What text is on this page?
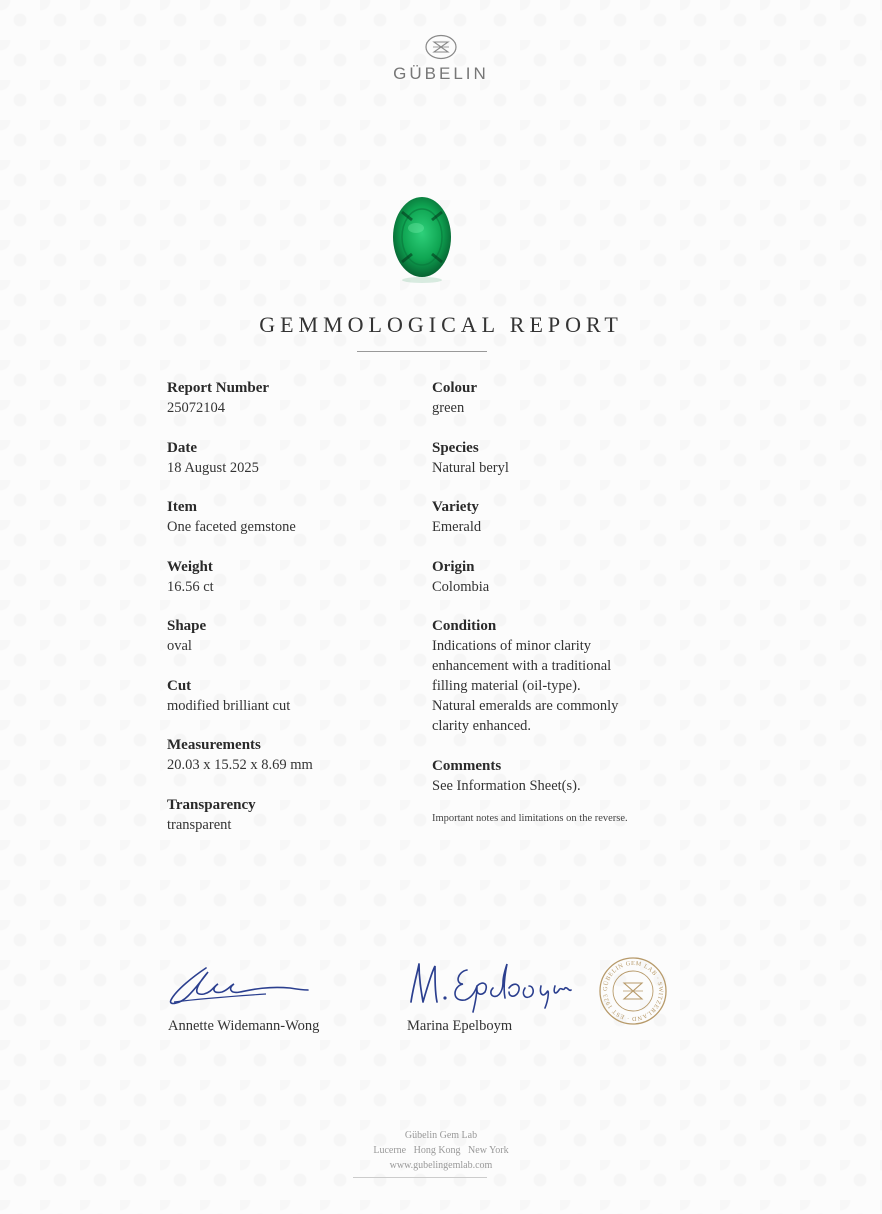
GÜBELIN
GEMMOLOGICAL REPORT
Report Number
25072104
Date
18 August 2025
Item
One faceted gemstone
Weight
16.56 ct
Shape
oval
Cut
modified brilliant cut
Measurements
20.03 x 15.52 x 8.69 mm
Transparency
transparent
Colour
green
Species
Natural beryl
Variety
Emerald
Origin
Colombia
Condition
Indications of minor clarity
enhancement with a traditional
filling material (oil-type).
Natural emeralds are commonly
clarity enhanced.
Comments
See Information Sheet(s).
Important notes and limitations on the reverse.
Annette Widemann-Wong	Marina Epelboym
GÜBELIN GEM LAB · SWITZERLAND · EST 1923
Gübelin Gem Lab
Lucerne   Hong Kong   New York
www.gubelingemlab.com
